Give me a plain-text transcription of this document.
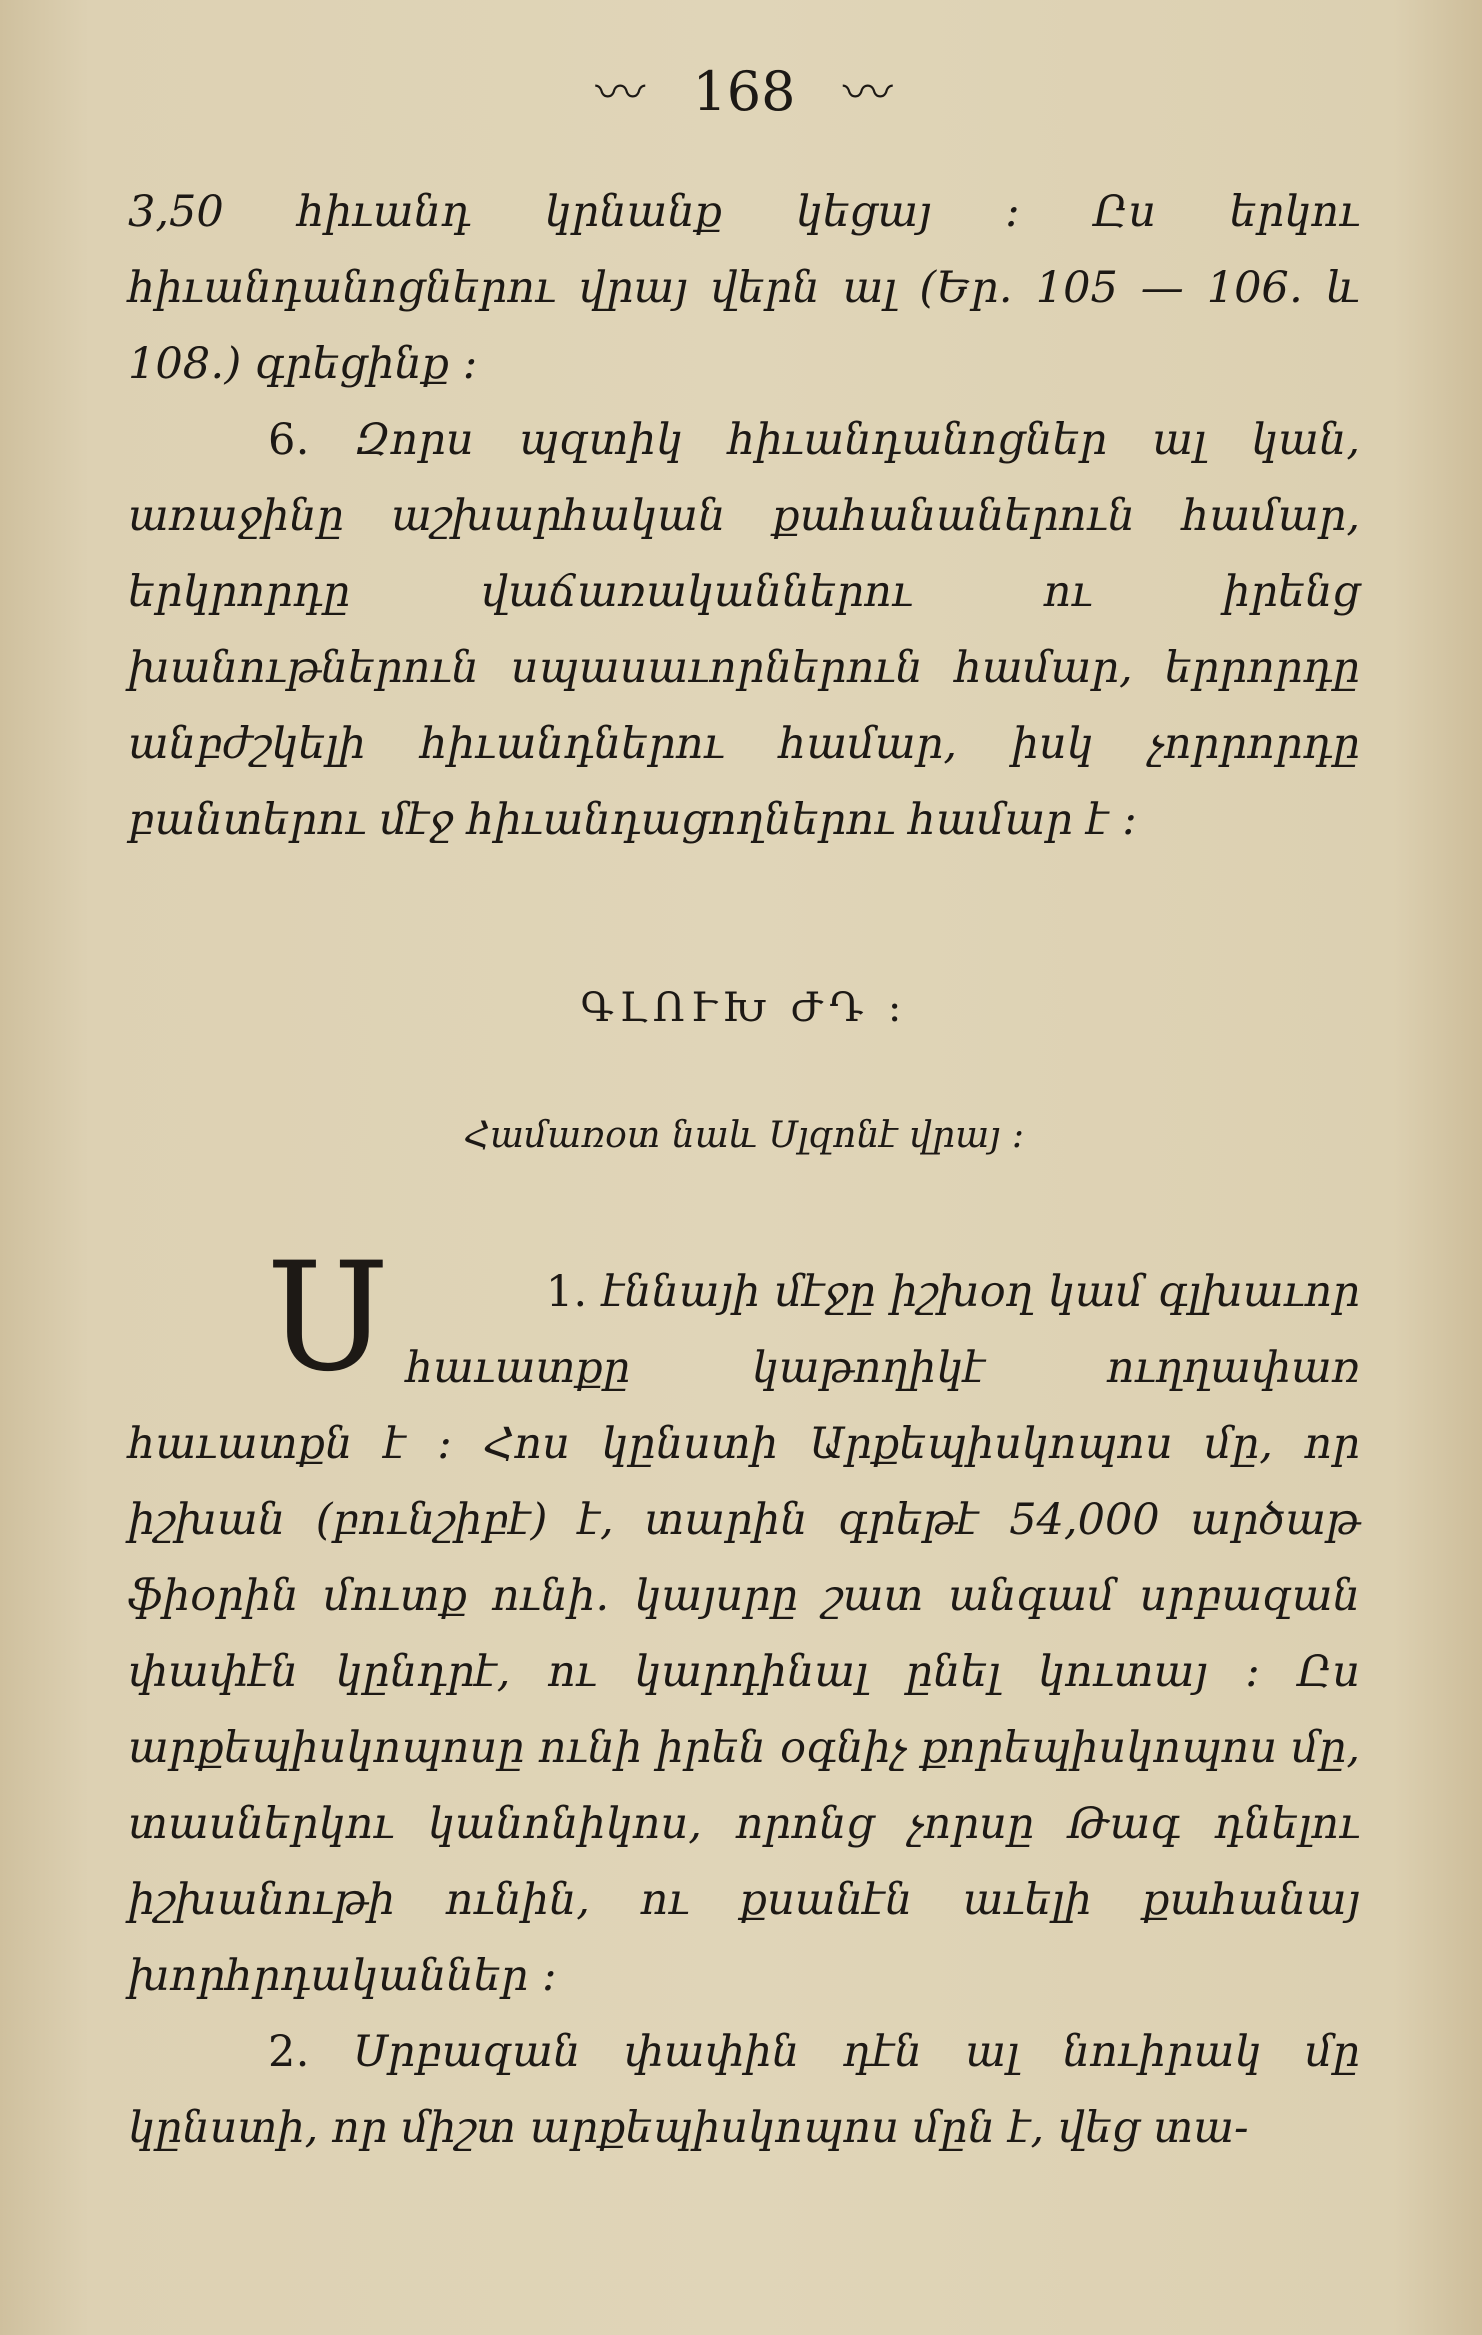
〰 168 〰

3,50 հիւանդ կրնանք կեցայ ։ Ըս երկու հիւանդանոցներու վրայ վերն ալ (Եր․ 105 — 106․ և 108․) գրեցինք ։

6․ Զորս պզտիկ հիւանդանոցներ ալ կան, առաջինը աշխարհական քահանաներուն համար, երկրորդը վաճառականներու ու իրենց խանութներուն սպասաւորներուն համար, երրորդը անբժշկելի հիւանդներու համար, իսկ չորրորդը բանտերու մէջ հիւանդացողներու համար է ։

ԳԼՈՒԽ ԺԴ ։
Համառօտ նաև Սլզոնէ վրայ ։

1․
Ս	էննայի մէջը իշխօղ կամ գլխաւոր հաւատքը կաթողիկէ ուղղափառ հաւատքն է ։ Հոս կընստի Արքեպիսկոպոս մը, որ իշխան (բունշիբէ) է, տարին գրեթէ 54,000 արծաթ ֆիօրին մուտք ունի․ կայսրը շատ անգամ սրբազան փափէն կընդրէ, ու կարդինալ ընել կուտայ ։ Ըս արքեպիսկոպոսը ունի իրեն օգնիչ քորեպիսկոպոս մը, տասներկու կանոնիկոս, որոնց չորսը Թագ դնելու իշխանութի ունին, ու քսանէն աւելի քահանայ խորհրդականներ ։

2․ Սրբազան փափին դէն ալ նուիրակ մը կընստի, որ միշտ արքեպիսկոպոս մըն է, վեց տա-
